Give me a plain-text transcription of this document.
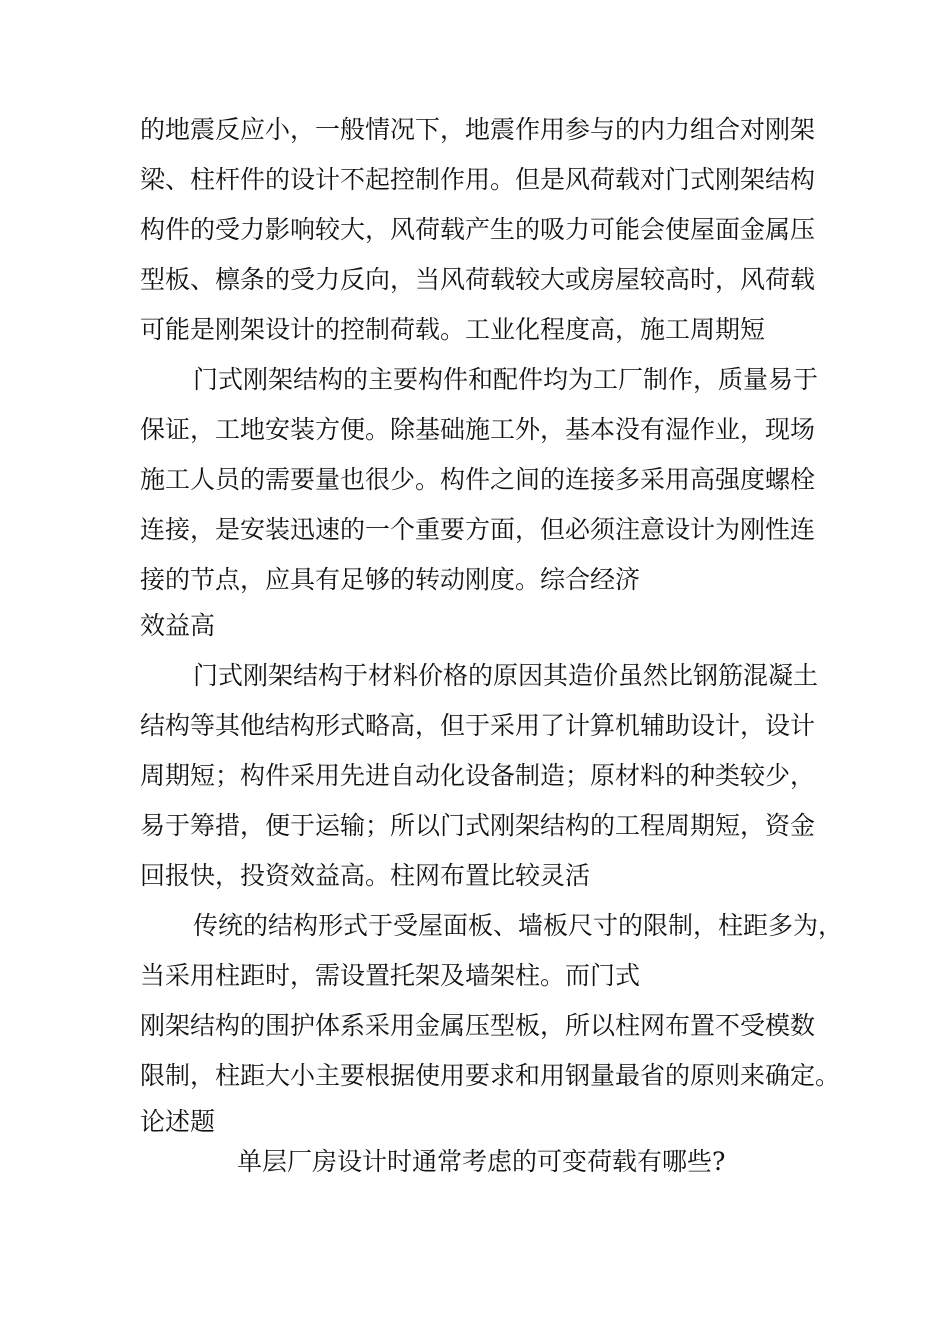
的地震反应小，一般情况下，地震作用参与的内力组合对刚架

梁、柱杆件的设计不起控制作用。但是风荷载对门式刚架结构

构件的受力影响较大，风荷载产生的吸力可能会使屋面金属压

型板、檩条的受力反向，当风荷载较大或房屋较高时，风荷载

可能是刚架设计的控制荷载。工业化程度高，施工周期短

门式刚架结构的主要构件和配件均为工厂制作，质量易于

保证，工地安装方便。除基础施工外，基本没有湿作业，现场

施工人员的需要量也很少。构件之间的连接多采用高强度螺栓

连接，是安装迅速的一个重要方面，但必须注意设计为刚性连

接的节点，应具有足够的转动刚度。综合经济

效益高

门式刚架结构于材料价格的原因其造价虽然比钢筋混凝土

结构等其他结构形式略高，但于采用了计算机辅助设计，设计

周期短；构件采用先进自动化设备制造；原材料的种类较少，

易于筹措，便于运输；所以门式刚架结构的工程周期短，资金

回报快，投资效益高。柱网布置比较灵活

传统的结构形式于受屋面板、墙板尺寸的限制，柱距多为，

当采用柱距时，需设置托架及墙架柱。而门式

刚架结构的围护体系采用金属压型板，所以柱网布置不受模数

限制，柱距大小主要根据使用要求和用钢量最省的原则来确定。

论述题

单层厂房设计时通常考虑的可变荷载有哪些?
